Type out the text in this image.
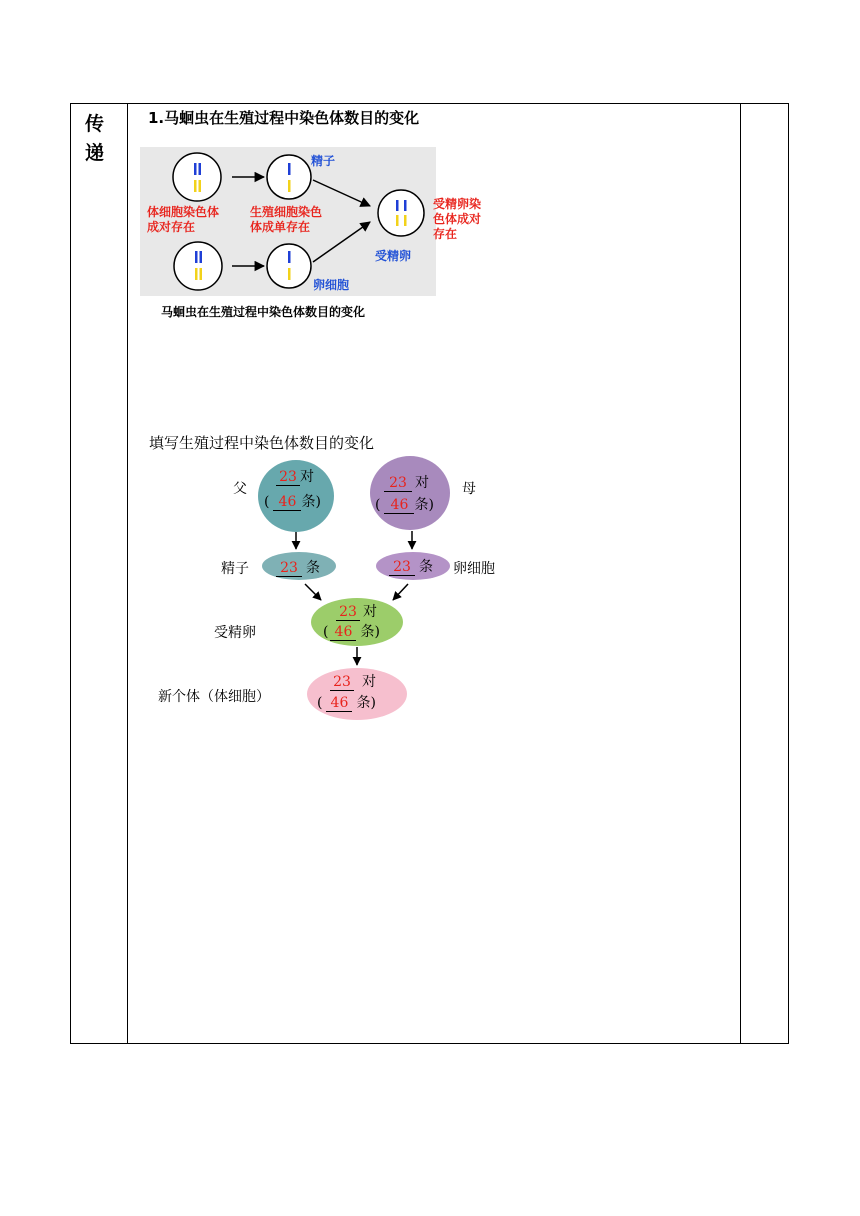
传
递
1.马蛔虫在生殖过程中染色体数目的变化
体细胞染色体
成对存在
生殖细胞染色
体成单存在
受精卵染
色体成对
存在
精子
卵细胞
受精卵
马蛔虫在生殖过程中染色体数目的变化
填写生殖过程中染色体数目的变化
父
23 对
( 46 条)
母
23 对
( 46 条)
精子 23 条	23 条 卵细胞
受精卵
23 对
( 46 条)
新个体（体细胞）
23 对
( 46 条)
